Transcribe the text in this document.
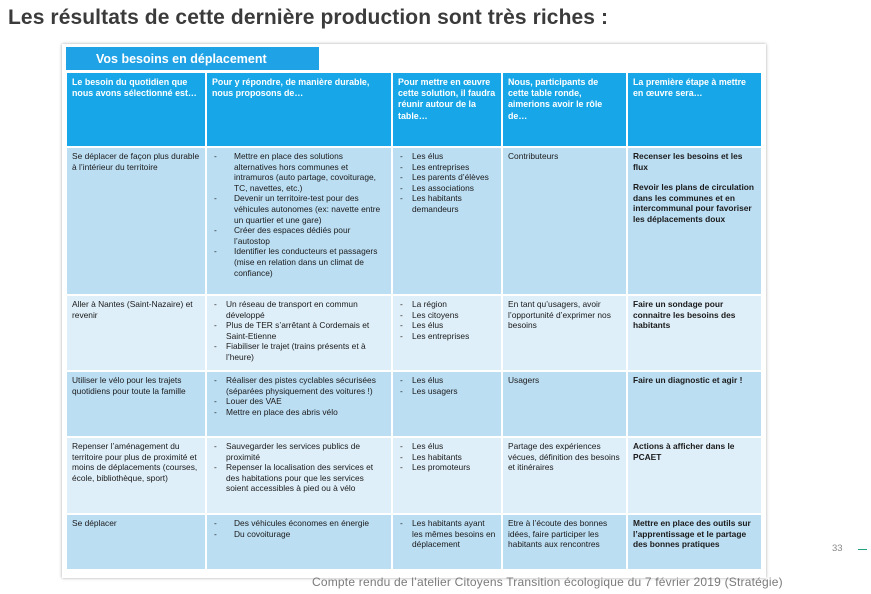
Les résultats de cette dernière production sont très riches :
Vos besoins en déplacement
Le besoin du quotidien que nous avons sélectionné est…
Pour y répondre, de manière durable, nous proposons de…
Pour mettre en œuvre cette solution, il faudra réunir autour de la table…
Nous, participants de cette table ronde, aimerions avoir le rôle de…
La première étape à mettre en œuvre sera…
Se déplacer de façon plus durable à l’intérieur du territoire
- Mettre en place des solutions alternatives hors communes et intramuros (auto partage, covoiturage, TC, navettes, etc.)
- Devenir un territoire-test pour des véhicules autonomes (ex: navette entre un quartier et une gare)
- Créer des espaces dédiés pour l’autostop
- Identifier les conducteurs et passagers (mise en relation dans un climat de confiance)
- Les élus
- Les entreprises
- Les parents d’élèves
- Les associations
- Les habitants demandeurs
Contributeurs	Recenser les besoins et les flux

Revoir les plans de circulation dans les communes et en intercommunal pour favoriser les déplacements doux

Aller à Nantes (Saint-Nazaire) et revenir
- Un réseau de transport en commun développé
- Plus de TER s’arrêtant à Cordemais et Saint-Etienne
- Fiabiliser le trajet (trains présents et à l’heure)
- La région
- Les citoyens
- Les élus
- Les entreprises
En tant qu’usagers, avoir l’opportunité d’exprimer nos besoins

Faire un sondage pour connaitre les besoins des habitants

Utiliser le vélo pour les trajets quotidiens pour toute la famille
- Réaliser des pistes cyclables sécurisées (séparées physiquement des voitures !)
- Louer des VAE
- Mettre en place des abris vélo
- Les élus
- Les usagers
Usagers	Faire un diagnostic et agir !

Repenser l’aménagement du territoire pour plus de proximité et moins de déplacements (courses, école, bibliothèque, sport)
- Sauvegarder les services publics de proximité
- Repenser la localisation des services et des habitations pour que les services soient accessibles à pied ou à vélo
- Les élus
- Les habitants
- Les promoteurs
Partage des expériences vécues, définition des besoins et itinéraires

Actions à afficher dans le PCAET

Se déplacer
-	Des véhicules économes en énergie
- Du covoiturage
- Les habitants ayant les mêmes besoins en déplacement
Etre à l’écoute des bonnes idées, faire participer les habitants aux rencontres

Mettre en place des outils sur l’apprentissage et le partage des bonnes pratiques	33
Compte rendu de l’atelier Citoyens Transition écologique du 7 février 2019 (Stratégie)
